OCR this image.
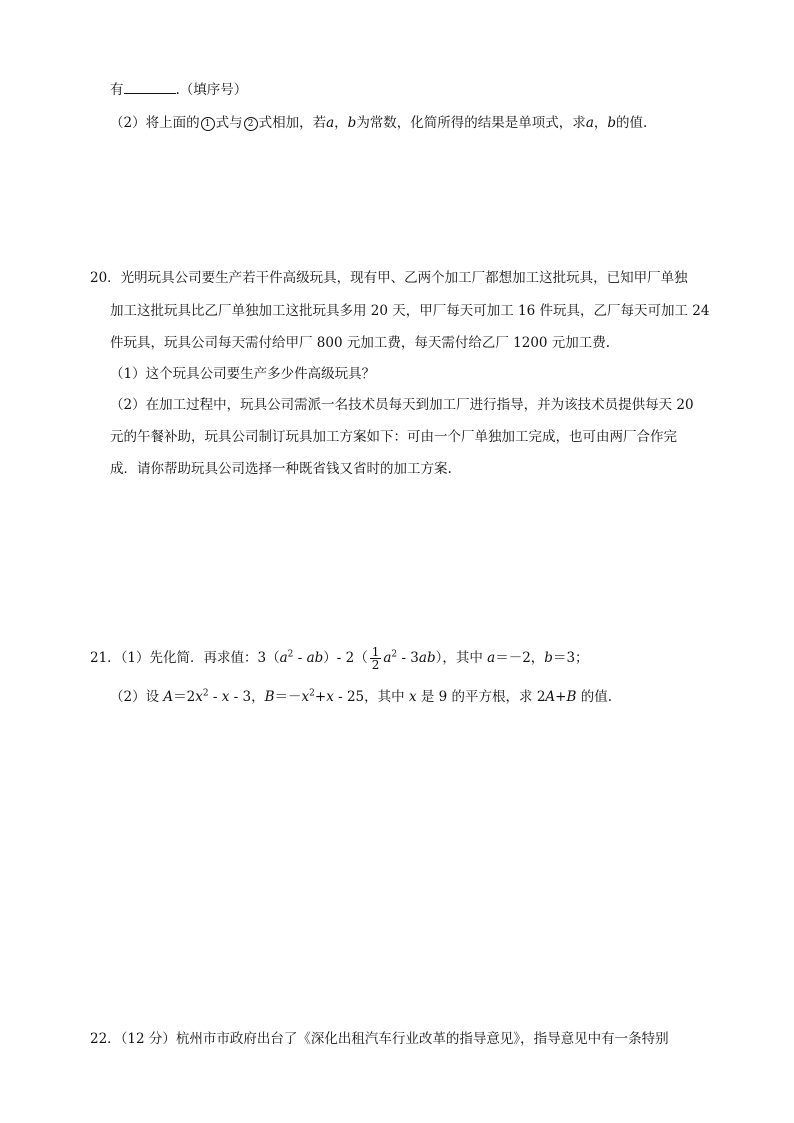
有	.（填序号）
（2）将上面的 1 式与 2 式相加，若a，b为常数，化简所得的结果是单项式，求a，b的值.
20．光明玩具公司要生产若干件高级玩具，现有甲、乙两个加工厂都想加工这批玩具，已知甲厂单独
加工这批玩具比乙厂单独加工这批玩具多用 20 天，甲厂每天可加工 16 件玩具，乙厂每天可加工 24
件玩具，玩具公司每天需付给甲厂 800 元加工费，每天需付给乙厂 1200 元加工费.
（1）这个玩具公司要生产多少件高级玩具？
（2）在加工过程中，玩具公司需派一名技术员每天到加工厂进行指导，并为该技术员提供每天 20
元的午餐补助，玩具公司制订玩具加工方案如下：可由一个厂单独加工完成，也可由两厂合作完
成．请你帮助玩具公司选择一种既省钱又省时的加工方案.
21．（1）先化简．再求值：$3(a^2 - ab)-$ $2( \frac{1}{2} a^2 - 3ab)$，其中 a＝－2，b＝3；
（2）设 $A=2x^2 - x - 3$，$B=-x^2+x - 25$，其中 x 是 9 的平方根，求 2A+B 的值.
22．（12 分）杭州市市政府出台了《深化出租汽车行业改革的指导意见》，指导意见中有一条特别
